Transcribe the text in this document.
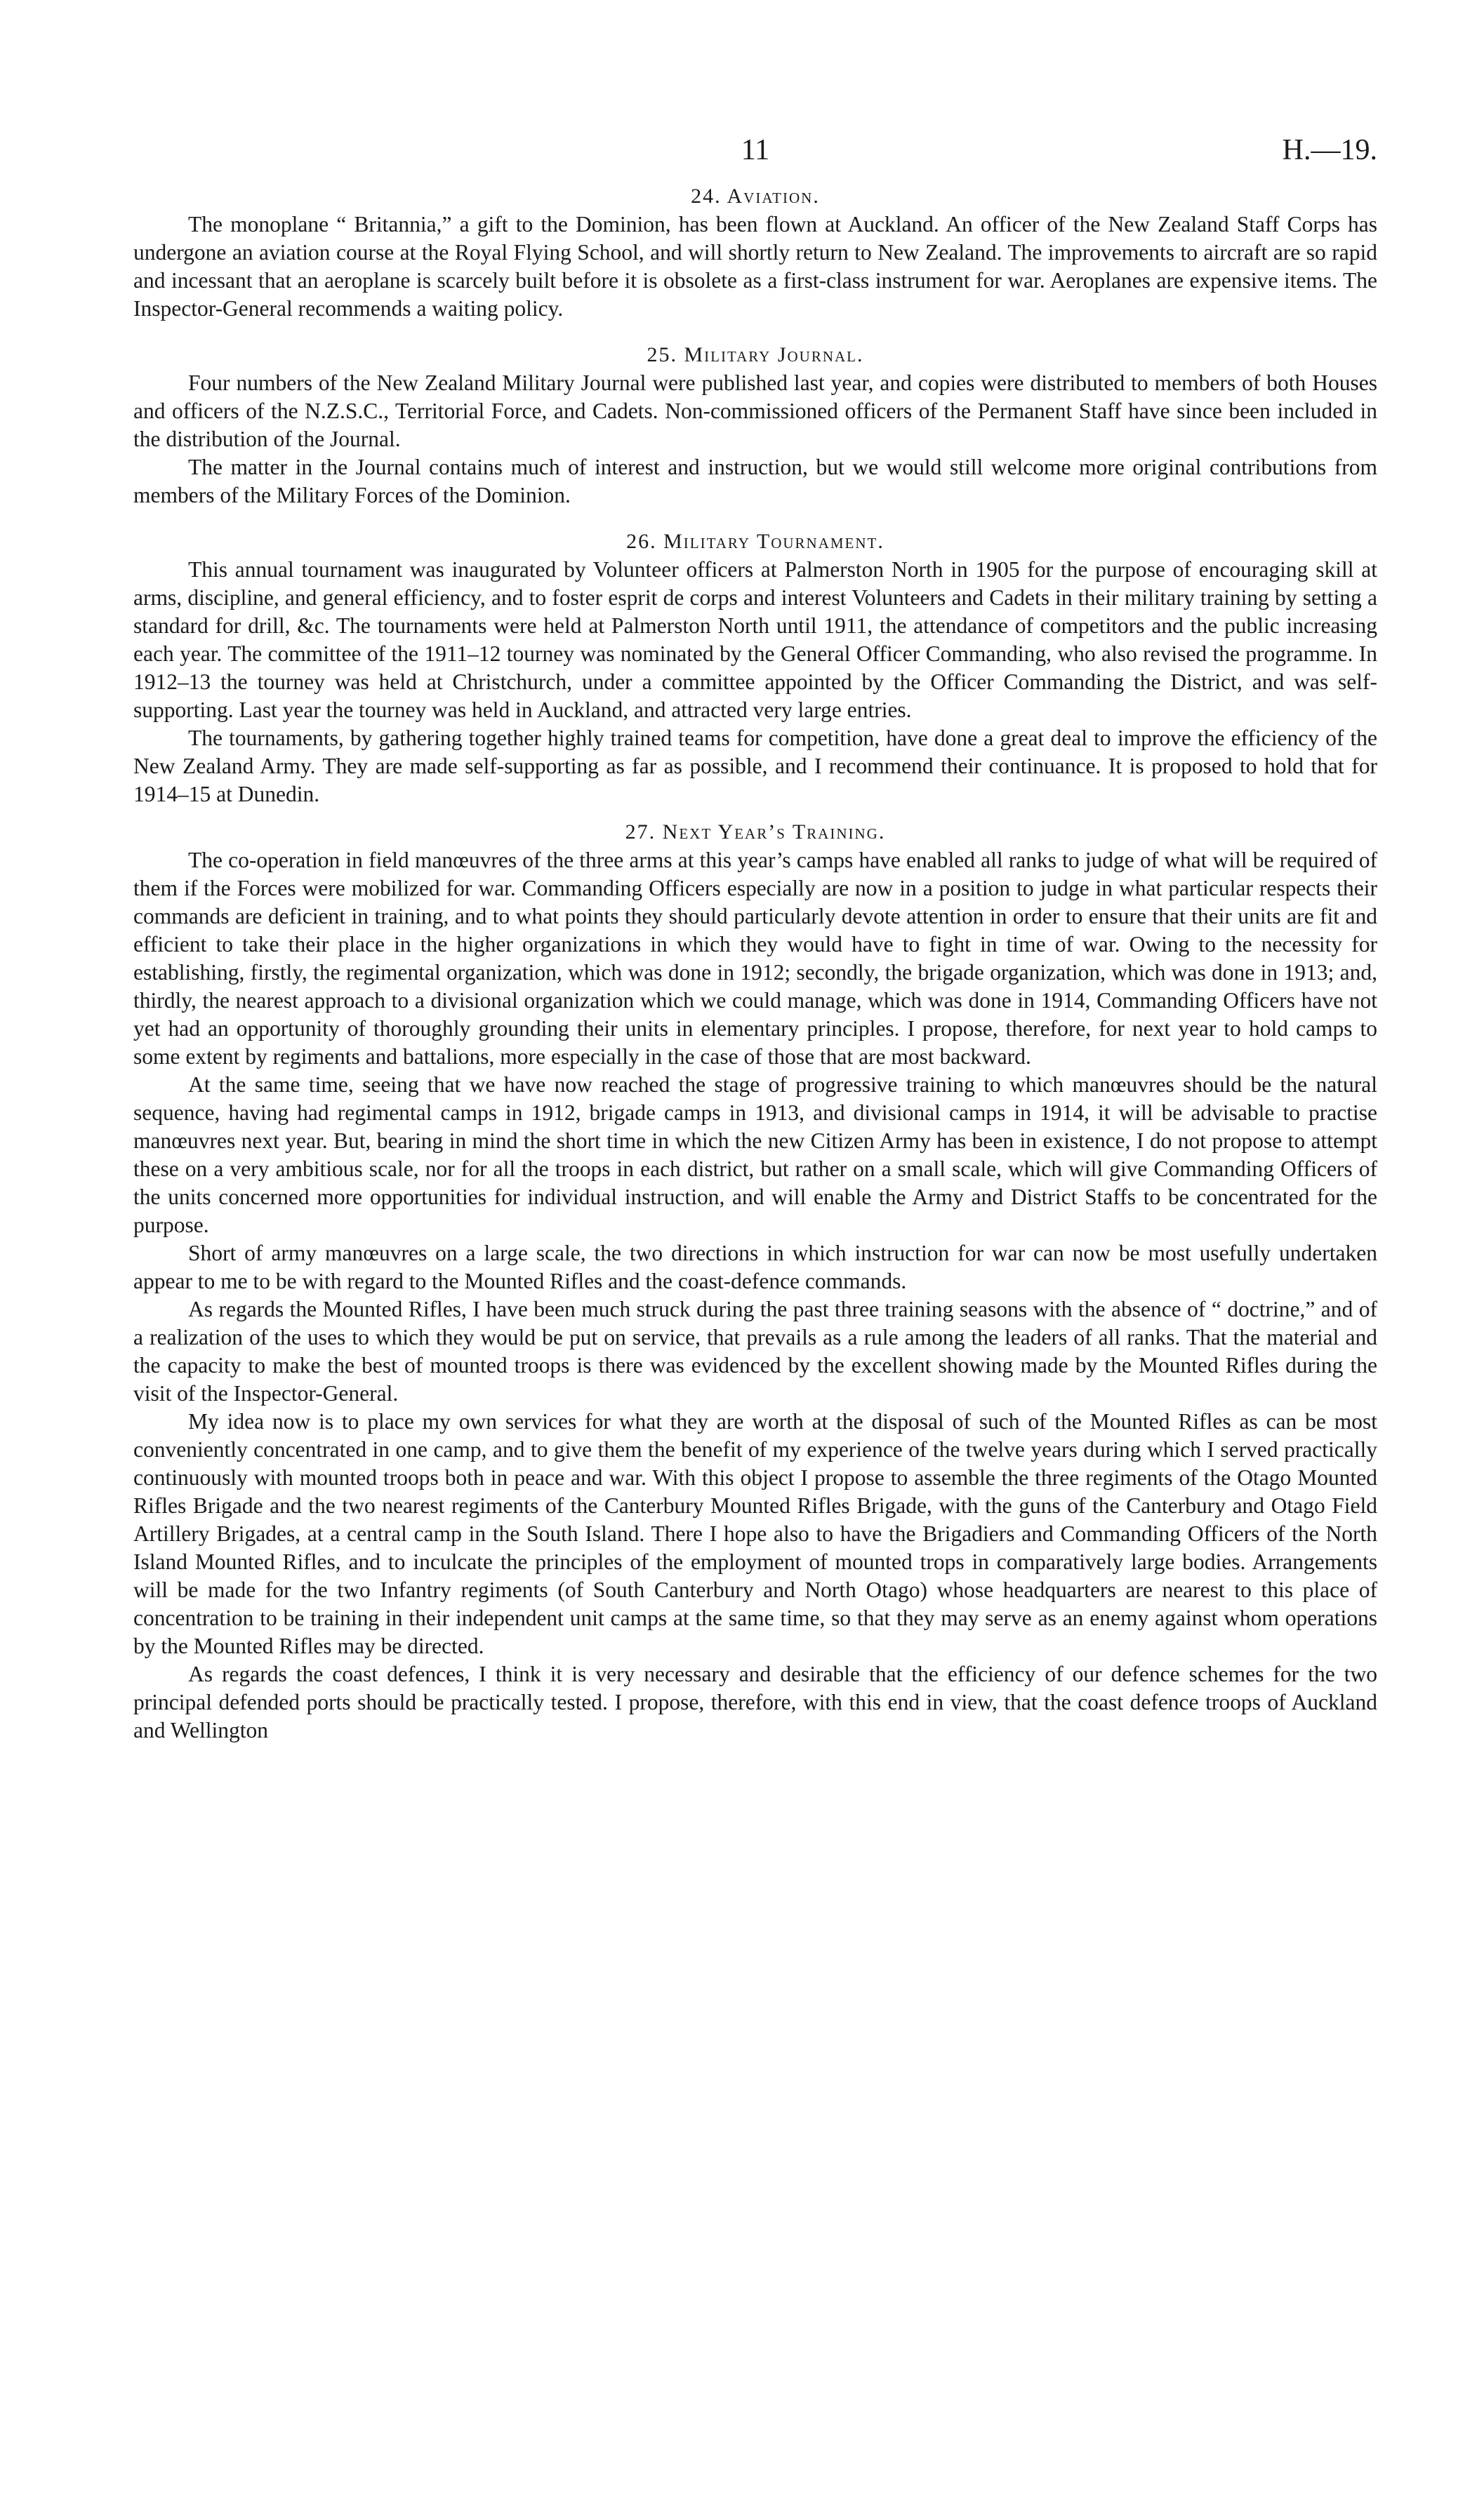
11	H.—19.
24. Aviation.

The monoplane “ Britannia,” a gift to the Dominion, has been flown at Auckland. An officer of the New Zealand Staff Corps has undergone an aviation course at the Royal Flying School, and will shortly return to New Zealand. The improvements to aircraft are so rapid and incessant that an aeroplane is scarcely built before it is obsolete as a first-class instrument for war. Aeroplanes are expensive items. The Inspector-General recommends a waiting policy.

25. Military Journal.

Four numbers of the New Zealand Military Journal were published last year, and copies were distributed to members of both Houses and officers of the N.Z.S.C., Territorial Force, and Cadets. Non-commissioned officers of the Permanent Staff have since been included in the distribution of the Journal.

The matter in the Journal contains much of interest and instruction, but we would still welcome more original contributions from members of the Military Forces of the Dominion.

26. Military Tournament.

This annual tournament was inaugurated by Volunteer officers at Palmerston North in 1905 for the purpose of encouraging skill at arms, discipline, and general efficiency, and to foster esprit de corps and interest Volunteers and Cadets in their military training by setting a standard for drill, &c. The tournaments were held at Palmerston North until 1911, the attendance of competitors and the public increasing each year. The committee of the 1911–12 tourney was nominated by the General Officer Commanding, who also revised the programme. In 1912–13 the tourney was held at Christchurch, under a committee appointed by the Officer Commanding the District, and was self-supporting. Last year the tourney was held in Auckland, and attracted very large entries.

The tournaments, by gathering together highly trained teams for competition, have done a great deal to improve the efficiency of the New Zealand Army. They are made self-supporting as far as possible, and I recommend their continuance. It is proposed to hold that for 1914–15 at Dunedin.

27. Next Year’s Training.

The co-operation in field manœuvres of the three arms at this year’s camps have enabled all ranks to judge of what will be required of them if the Forces were mobilized for war. Commanding Officers especially are now in a position to judge in what particular respects their commands are deficient in training, and to what points they should particularly devote attention in order to ensure that their units are fit and efficient to take their place in the higher organizations in which they would have to fight in time of war. Owing to the necessity for establishing, firstly, the regimental organization, which was done in 1912; secondly, the brigade organization, which was done in 1913; and, thirdly, the nearest approach to a divisional organization which we could manage, which was done in 1914, Commanding Officers have not yet had an opportunity of thoroughly grounding their units in elementary principles. I propose, therefore, for next year to hold camps to some extent by regiments and battalions, more especially in the case of those that are most backward.

At the same time, seeing that we have now reached the stage of progressive training to which manœuvres should be the natural sequence, having had regimental camps in 1912, brigade camps in 1913, and divisional camps in 1914, it will be advisable to practise manœuvres next year. But, bearing in mind the short time in which the new Citizen Army has been in existence, I do not propose to attempt these on a very ambitious scale, nor for all the troops in each district, but rather on a small scale, which will give Commanding Officers of the units concerned more opportunities for individual instruction, and will enable the Army and District Staffs to be concentrated for the purpose.

Short of army manœuvres on a large scale, the two directions in which instruction for war can now be most usefully undertaken appear to me to be with regard to the Mounted Rifles and the coast-defence commands.

As regards the Mounted Rifles, I have been much struck during the past three training seasons with the absence of “ doctrine,” and of a realization of the uses to which they would be put on service, that prevails as a rule among the leaders of all ranks. That the material and the capacity to make the best of mounted troops is there was evidenced by the excellent showing made by the Mounted Rifles during the visit of the Inspector-General.

My idea now is to place my own services for what they are worth at the disposal of such of the Mounted Rifles as can be most conveniently concentrated in one camp, and to give them the benefit of my experience of the twelve years during which I served practically continuously with mounted troops both in peace and war. With this object I propose to assemble the three regiments of the Otago Mounted Rifles Brigade and the two nearest regiments of the Canterbury Mounted Rifles Brigade, with the guns of the Canterbury and Otago Field Artillery Brigades, at a central camp in the South Island. There I hope also to have the Brigadiers and Commanding Officers of the North Island Mounted Rifles, and to inculcate the principles of the employment of mounted trops in comparatively large bodies. Arrangements will be made for the two Infantry regiments (of South Canterbury and North Otago) whose headquarters are nearest to this place of concentration to be training in their independent unit camps at the same time, so that they may serve as an enemy against whom operations by the Mounted Rifles may be directed.

As regards the coast defences, I think it is very necessary and desirable that the efficiency of our defence schemes for the two principal defended ports should be practically tested. I propose, therefore, with this end in view, that the coast defence troops of Auckland and Wellington
